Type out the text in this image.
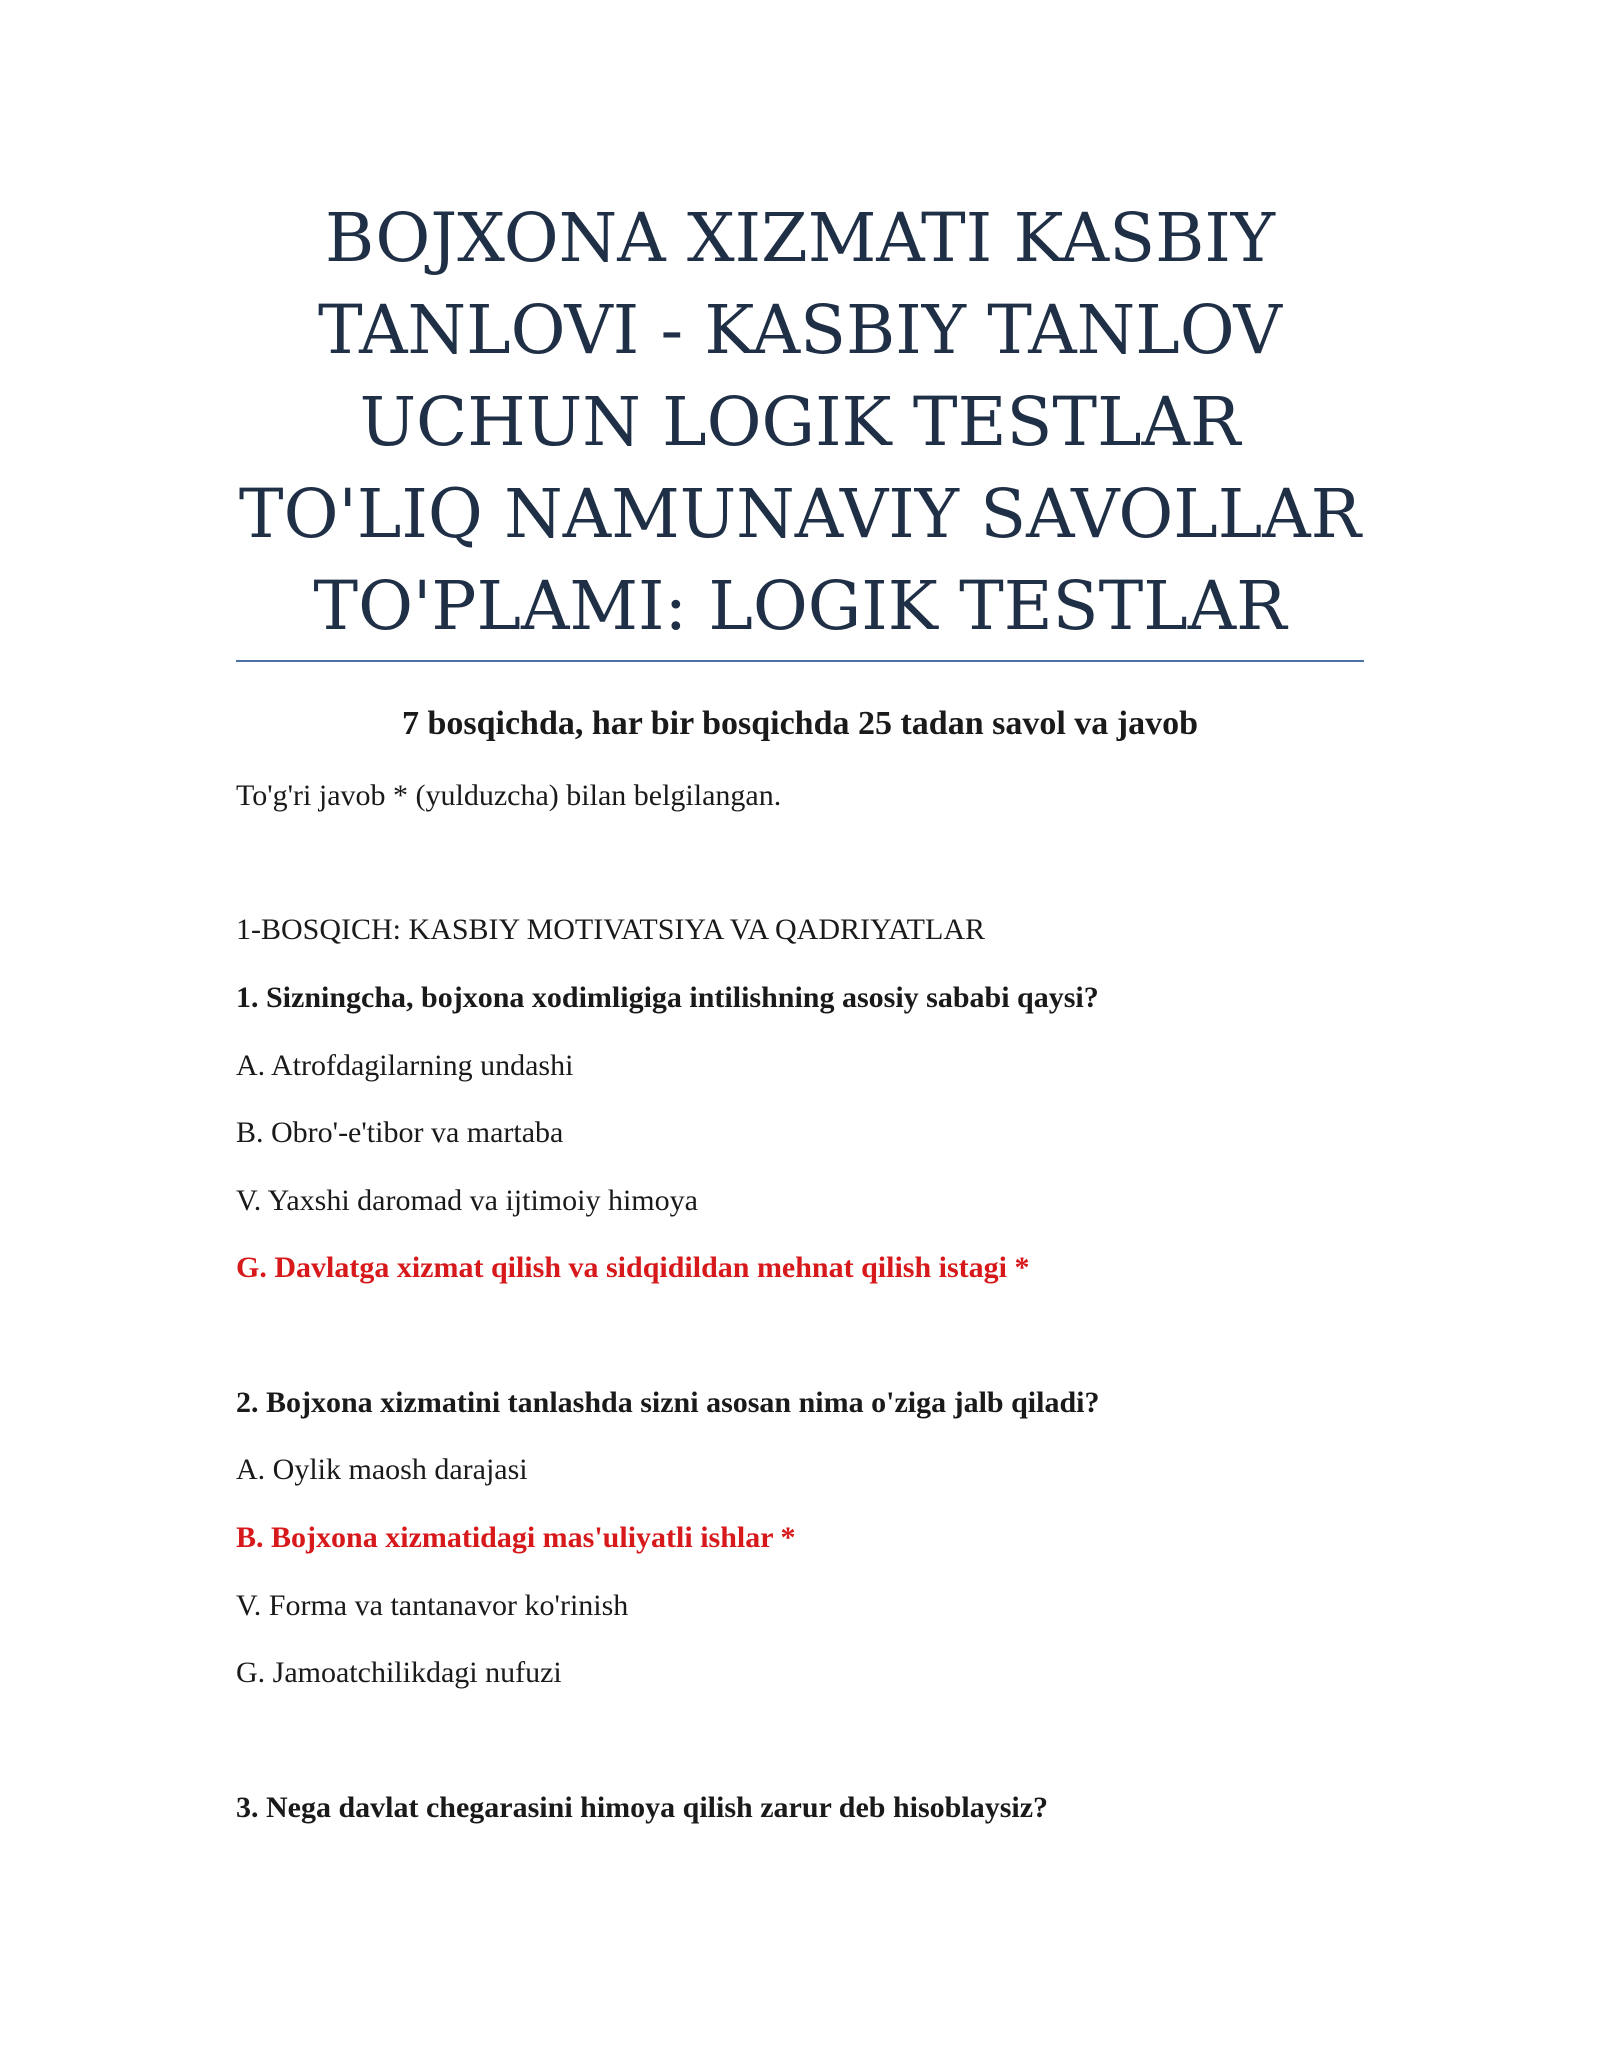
BOJXONA XIZMATI KASBIY
TANLOVI - KASBIY TANLOV
UCHUN LOGIK TESTLAR
TO'LIQ NAMUNAVIY SAVOLLAR
TO'PLAMI: LOGIK TESTLAR
7 bosqichda, har bir bosqichda 25 tadan savol va javob
To'g'ri javob * (yulduzcha) bilan belgilangan.
1-BOSQICH: KASBIY MOTIVATSIYA VA QADRIYATLAR
1. Sizningcha, bojxona xodimligiga intilishning asosiy sababi qaysi?
A. Atrofdagilarning undashi
B. Obro'-e'tibor va martaba
V. Yaxshi daromad va ijtimoiy himoya
G. Davlatga xizmat qilish va sidqidildan mehnat qilish istagi *
2. Bojxona xizmatini tanlashda sizni asosan nima o'ziga jalb qiladi?
A. Oylik maosh darajasi
B. Bojxona xizmatidagi mas'uliyatli ishlar *
V. Forma va tantanavor ko'rinish
G. Jamoatchilikdagi nufuzi
3. Nega davlat chegarasini himoya qilish zarur deb hisoblaysiz?
